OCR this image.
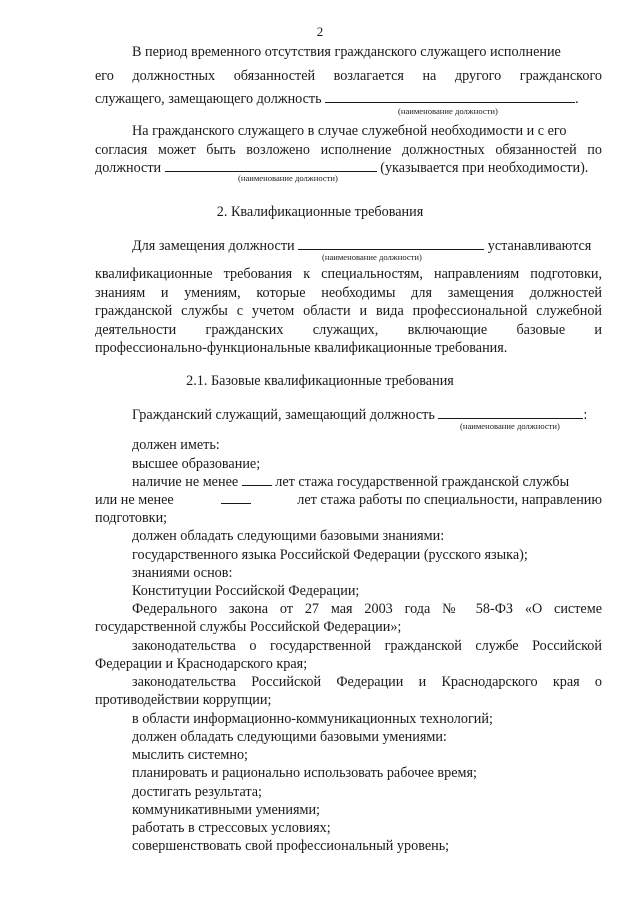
2
В период временного отсутствия гражданского служащего исполнение
его должностных обязанностей возлагается на другого гражданского
служащего, замещающего должность	.
(наименование должности)
На гражданского служащего в случае служебной необходимости и с его
согласия может быть возложено исполнение должностных обязанностей по
должности	(указывается при необходимости).
(наименование должности)
2. Квалификационные требования
Для замещения должности	устанавливаются
(наименование должности)
квалификационные требования к специальностям, направлениям подготовки,
знаниям и умениям, которые необходимы для замещения должностей
гражданской службы с учетом области и вида профессиональной служебной
деятельности гражданских служащих, включающие базовые и
профессионально-функциональные квалификационные требования.
2.1. Базовые квалификационные требования
Гражданский служащий, замещающий должность	:
(наименование должности)
должен иметь:
высшее образование;
наличие не менее	лет стажа государственной гражданской службы
или не менее	лет стажа работы по специальности, направлению
подготовки;
должен обладать следующими базовыми знаниями:
государственного языка Российской Федерации (русского языка);
знаниями основ:
Конституции Российской Федерации;
Федерального закона от 27 мая 2003 года № 58-ФЗ «О системе
государственной службы Российской Федерации»;
законодательства о государственной гражданской службе Российской
Федерации и Краснодарского края;
законодательства Российской Федерации и Краснодарского края о
противодействии коррупции;
в области информационно-коммуникационных технологий;
должен обладать следующими базовыми умениями:
мыслить системно;
планировать и рационально использовать рабочее время;
достигать результата;
коммуникативными умениями;
работать в стрессовых условиях;
совершенствовать свой профессиональный уровень;
